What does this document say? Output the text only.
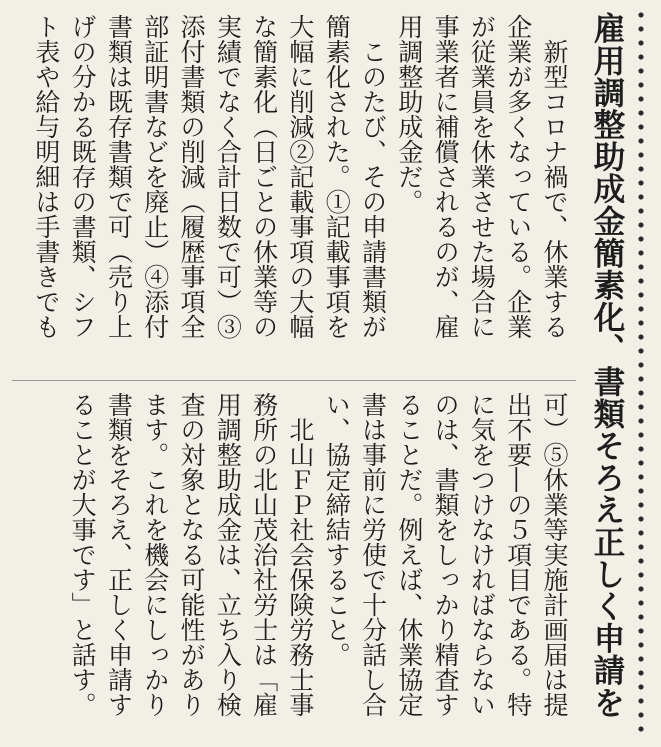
雇用調整助成金簡素化、書類そろえ正しく申請を
　新型コロナ禍で、休業する
企業が多くなっている。企業
が従業員を休業させた場合に
事業者に補償されるのが、雇
用調整助成金だ。
　このたび、その申請書類が
簡素化された。①記載事項を
大幅に削減②記載事項の大幅
な簡素化（日ごとの休業等の
実績でなく合計日数で可）③
添付書類の削減（履歴事項全
部証明書などを廃止）④添付
書類は既存書類で可（売り上
げの分かる既存の書類、シフ
ト表や給与明細は手書きでも
可）⑤休業等実施計画届は提
出不要―の５項目である。特
に気をつけなければならない
のは、書類をしっかり精査す
ることだ。例えば、休業協定
書は事前に労使で十分話し合
い、協定締結すること。
　北山ＦＰ社会保険労務士事
務所の北山茂治社労士は「雇
用調整助成金は、立ち入り検
査の対象となる可能性があり
ます。これを機会にしっかり
書類をそろえ、正しく申請す
ることが大事です」と話す。
